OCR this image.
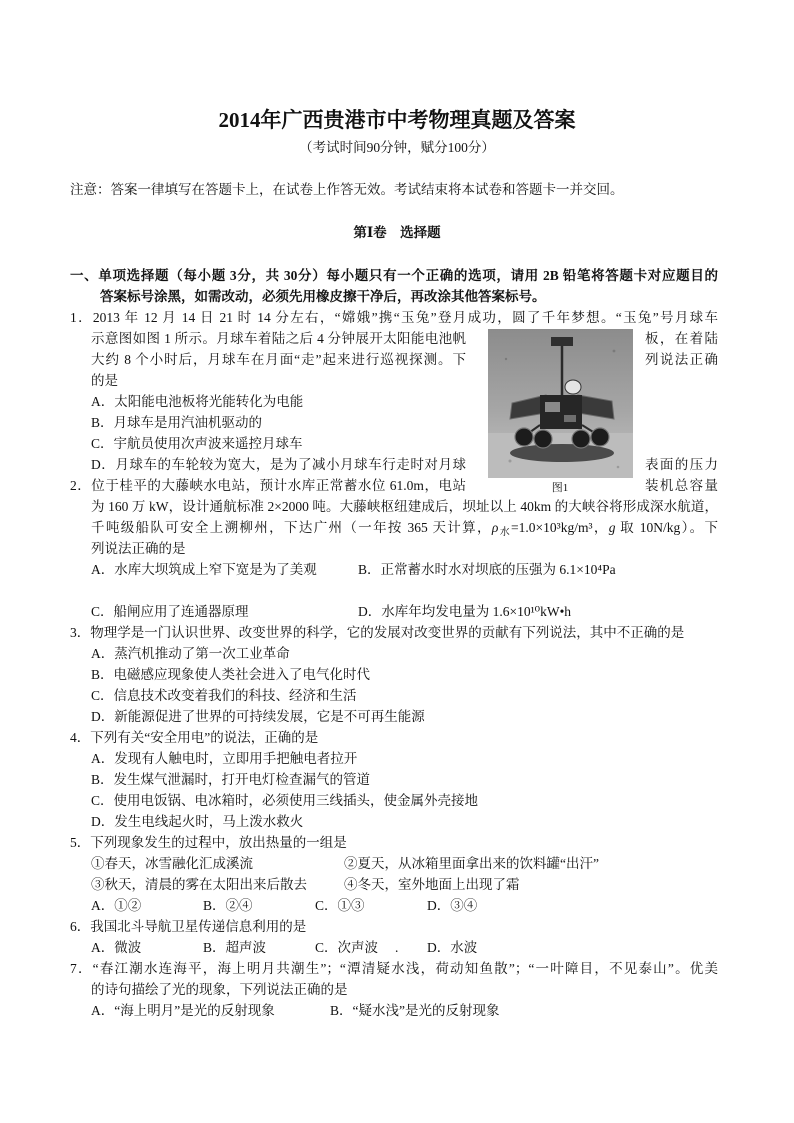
2014年广西贵港市中考物理真题及答案
（考试时间90分钟，赋分100分）
注意：答案一律填写在答题卡上，在试卷上作答无效。考试结束将本试卷和答题卡一并交回。
第Ⅰ卷　选择题
一、单项选择题（每小题 3分，共 30分）每小题只有一个正确的选项，请用 2B 铅笔将答题卡对应题目的
答案标号涂黑，如需改动，必须先用橡皮擦干净后，再改涂其他答案标号。
1．2013 年 12 月 14 日 21 时 14 分左右，“嫦娥”携“玉兔”登月成功，圆了千年梦想。“玉兔”号月球车
示意图如图 1 所示。月球车着陆之后 4 分钟展开太阳能电池帆	板，在着陆
大约 8 个小时后，月球车在月面“走”起来进行巡视探测。下	列说法正确
的是
A．太阳能电池板将光能转化为电能
B．月球车是用汽油机驱动的
C．宇航员使用次声波来遥控月球车
D．月球车的车轮较为宽大，是为了减小月球车行走时对月球	表面的压力
2．位于桂平的大藤峡水电站，预计水库正常蓄水位 61.0m，电站	装机总容量
为 160 万 kW，设计通航标准 2×2000 吨。大藤峡枢纽建成后，坝址以上 40km 的大峡谷将形成深水航道，
千吨级船队可安全上溯柳州，下达广州（一年按 365 天计算，$\rho_水=1.0\times 10^3kg/m^3$，g 取 10N/kg）。下
列说法正确的是
A．水库大坝筑成上窄下宽是为了美观	B．正常蓄水时水对坝底的压强为 6.1×10⁴Pa
C．船闸应用了连通器原理	D．水库年均发电量为 1.6×10¹⁰kW•h
3．物理学是一门认识世界、改变世界的科学，它的发展对改变世界的贡献有下列说法，其中不正确的是
A．蒸汽机推动了第一次工业革命
B．电磁感应现象使人类社会进入了电气化时代
C．信息技术改变着我们的科技、经济和生活
D．新能源促进了世界的可持续发展，它是不可再生能源
4．下列有关“安全用电”的说法，正确的是
A．发现有人触电时，立即用手把触电者拉开
B．发生煤气泄漏时，打开电灯检查漏气的管道
C．使用电饭锅、电冰箱时，必须使用三线插头，使金属外壳接地
D．发生电线起火时，马上泼水救火
5．下列现象发生的过程中，放出热量的一组是
①春天，冰雪融化汇成溪流	②夏天，从冰箱里面拿出来的饮料罐“出汗”
③秋天，清晨的雾在太阳出来后散去	④冬天，室外地面上出现了霜
A．①②	B．②④	C．①③	D．③④
6．我国北斗导航卫星传递信息利用的是
A．微波	B．超声波	C．次声波 . D．水波
7．“春江潮水连海平，海上明月共潮生”；“潭清疑水浅，荷动知鱼散”；“一叶障目，不见泰山”。优美
的诗句描绘了光的现象，下列说法正确的是
A．“海上明月”是光的反射现象	B．“疑水浅”是光的反射现象
图1
